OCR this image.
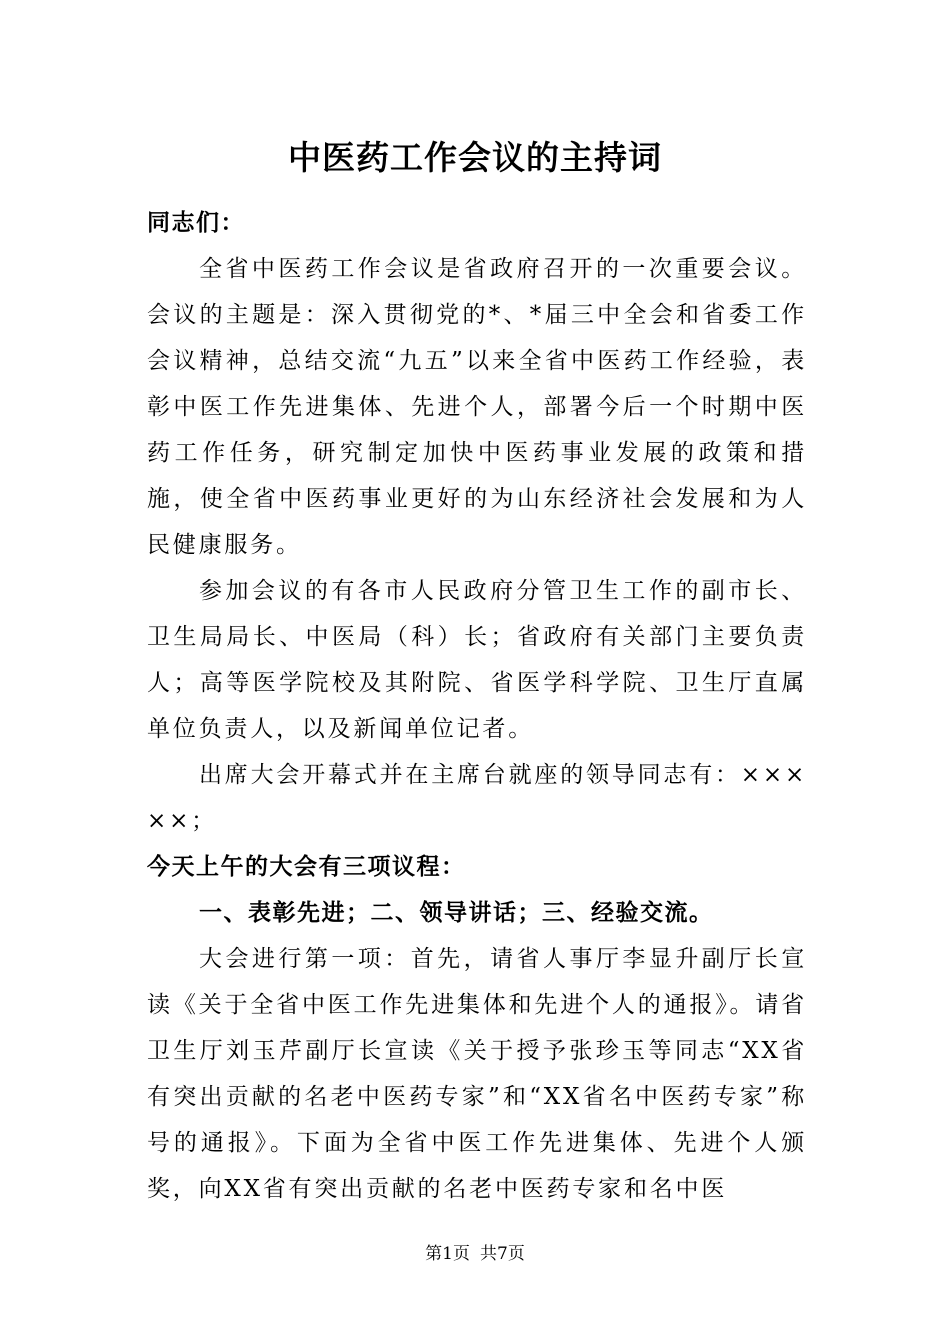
中医药工作会议的主持词

同志们：

全省中医药工作会议是省政府召开的一次重要会议。会议的主题是：深入贯彻党的*、*届三中全会和省委工作会议精神，总结交流“九五”以来全省中医药工作经验，表彰中医工作先进集体、先进个人，部署今后一个时期中医药工作任务，研究制定加快中医药事业发展的政策和措施，使全省中医药事业更好的为山东经济社会发展和为人民健康服务。

参加会议的有各市人民政府分管卫生工作的副市长、卫生局局长、中医局（科）长；省政府有关部门主要负责人；高等医学院校及其附院、省医学科学院、卫生厅直属单位负责人，以及新闻单位记者。

出席大会开幕式并在主席台就座的领导同志有：×××××；

今天上午的大会有三项议程：

一、表彰先进；二、领导讲话；三、经验交流。

大会进行第一项：首先，请省人事厅李显升副厅长宣读《关于全省中医工作先进集体和先进个人的通报》。请省卫生厅刘玉芹副厅长宣读《关于授予张珍玉等同志“XX省有突出贡献的名老中医药专家”和“XX省名中医药专家”称号的通报》。下面为全省中医工作先进集体、先进个人颁奖，向XX省有突出贡献的名老中医药专家和名中医

第1页 共7页
